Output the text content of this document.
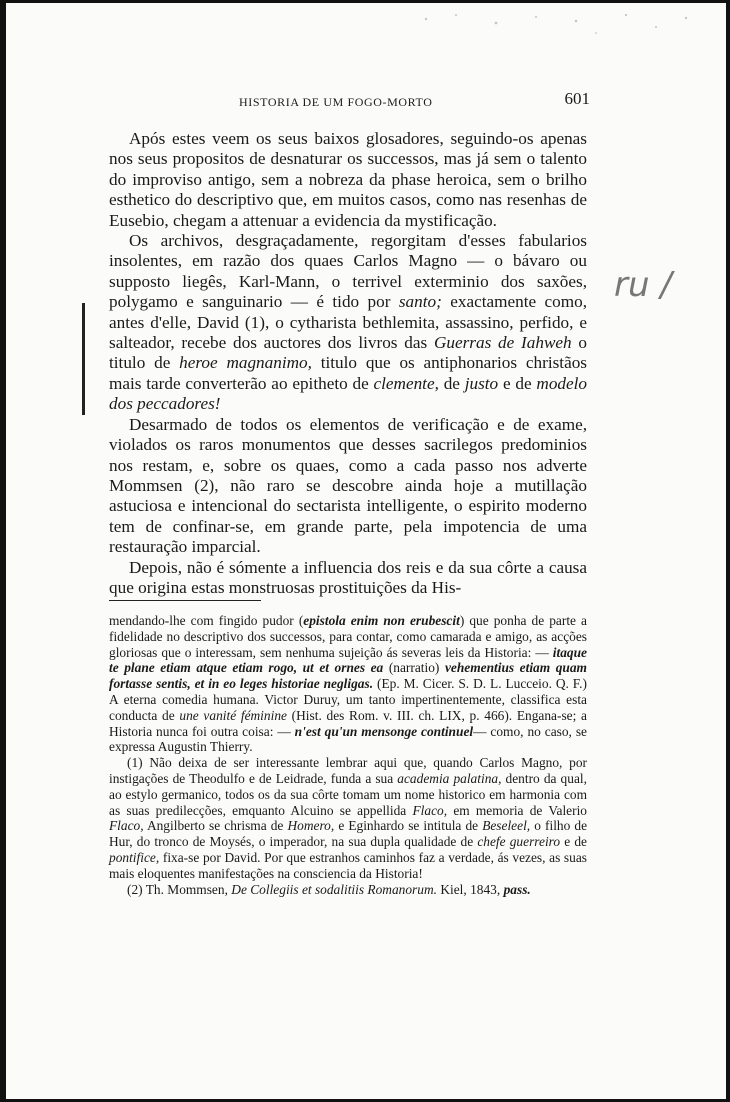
HISTORIA DE UM FOGO-MORTO	601
ru /

Após estes veem os seus baixos glosadores, seguindo-os apenas nos seus propositos de desnaturar os successos, mas já sem o talento do improviso antigo, sem a nobreza da phase heroica, sem o brilho esthetico do descriptivo que, em muitos casos, como nas resenhas de Eusebio, chegam a attenuar a evidencia da mystificação.

Os archivos, desgraçadamente, regorgitam d'esses fabularios insolentes, em razão dos quaes Carlos Magno — o bávaro ou supposto liegês, Karl-Mann, o terrivel exterminio dos saxões, polygamo e sanguinario — é tido por santo; exactamente como, antes d'elle, David (1), o cytharista bethlemita, assassino, perfido, e salteador, recebe dos auctores dos livros das Guerras de Iahweh o titulo de heroe magnanimo, titulo que os antiphonarios christãos mais tarde converterão ao epitheto de clemente, de justo e de modelo dos peccadores!

Desarmado de todos os elementos de verificação e de exame, violados os raros monumentos que desses sacrilegos predominios nos restam, e, sobre os quaes, como a cada passo nos adverte Mommsen (2), não raro se descobre ainda hoje a mutillação astuciosa e intencional do sectarista intelligente, o espirito moderno tem de confinar-se, em grande parte, pela impotencia de uma restauração imparcial.

Depois, não é sómente a influencia dos reis e da sua côrte a causa que origina estas monstruosas prostituições da His-

mendando-lhe com fingido pudor (epistola enim non erubescit) que ponha de parte a fidelidade no descriptivo dos successos, para contar, como camarada e amigo, as acções gloriosas que o interessam, sem nenhuma sujeição ás severas leis da Historia: — itaque te plane etiam atque etiam rogo, ut et ornes ea (narratio) vehementius etiam quam fortasse sentis, et in eo leges historiae negligas. (Ep. M. Cicer. S. D. L. Lucceio. Q. F.) A eterna comedia humana. Victor Duruy, um tanto impertinentemente, classifica esta conducta de une vanité féminine (Hist. des Rom. v. III. ch. LIX, p. 466). Engana-se; a Historia nunca foi outra coisa: — n'est qu'un mensonge continuel— como, no caso, se expressa Augustin Thierry.

(1) Não deixa de ser interessante lembrar aqui que, quando Carlos Magno, por instigações de Theodulfo e de Leidrade, funda a sua academia palatina, dentro da qual, ao estylo germanico, todos os da sua côrte tomam um nome historico em harmonia com as suas predilecções, emquanto Alcuino se appellida Flaco, em memoria de Valerio Flaco, Angilberto se chrisma de Homero, e Eginhardo se intitula de Beseleel, o filho de Hur, do tronco de Moysés, o imperador, na sua dupla qualidade de chefe guerreiro e de pontifice, fixa-se por David. Por que estranhos caminhos faz a verdade, ás vezes, as suas mais eloquentes manifestações na consciencia da Historia!

(2) Th. Mommsen, De Collegiis et sodalitiis Romanorum. Kiel, 1843, pass.
